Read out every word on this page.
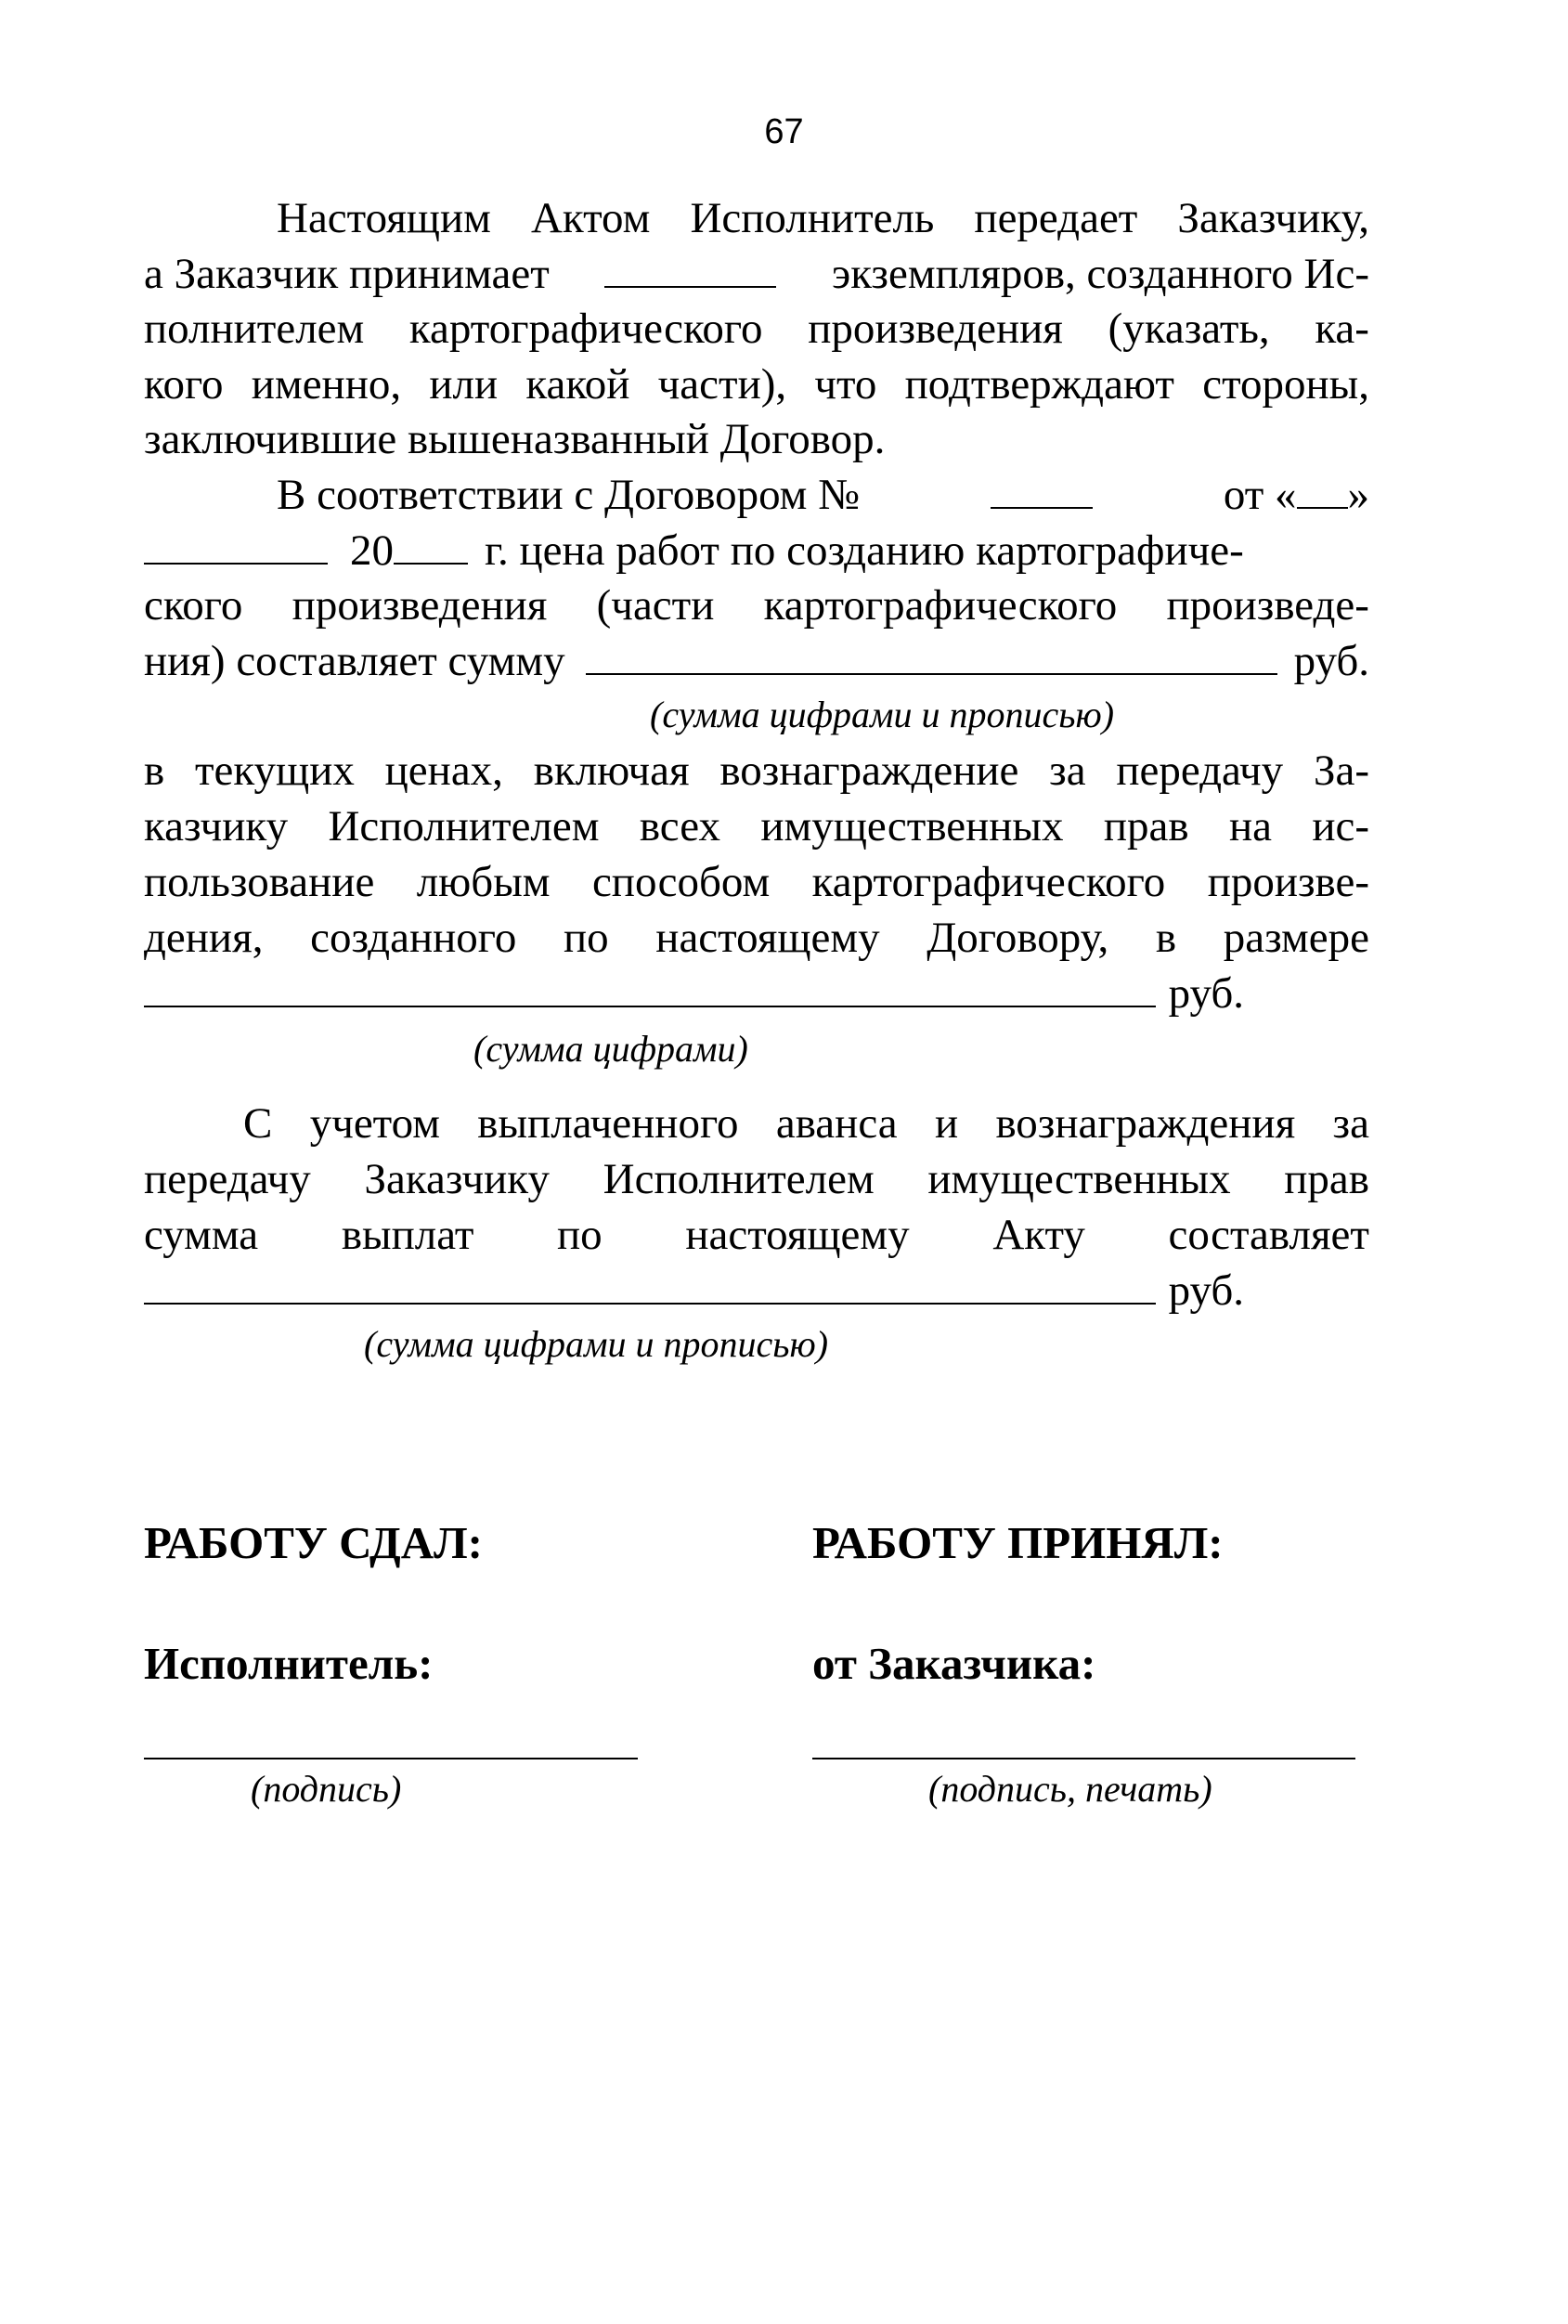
67
Настоящим Актом Исполнитель передает Заказчику,
а Заказчик принимает	экземпляров, созданного Ис-
полнителем картографического произведения (указать, ка-
кого именно, или какой части), что подтверждают стороны,
заключившие вышеназванный Договор.
В соответствии с Договором №	от « »
20 г. цена работ по созданию картографиче-
ского произведения (части картографического произведе-
ния) составляет сумму	руб.
(сумма цифрами и прописью)
в текущих ценах, включая вознаграждение за передачу За-
казчику Исполнителем всех имущественных прав на ис-
пользование любым способом картографического произве-
дения, созданного по настоящему Договору, в размере
руб.
(сумма цифрами)
С учетом выплаченного аванса и вознаграждения за
передачу Заказчику Исполнителем имущественных прав
сумма выплат по настоящему Акту составляет
руб.
(сумма цифрами и прописью)
РАБОТУ СДАЛ:	РАБОТУ ПРИНЯЛ:
Исполнитель:	от Заказчика:
(подпись)	(подпись, печать)
